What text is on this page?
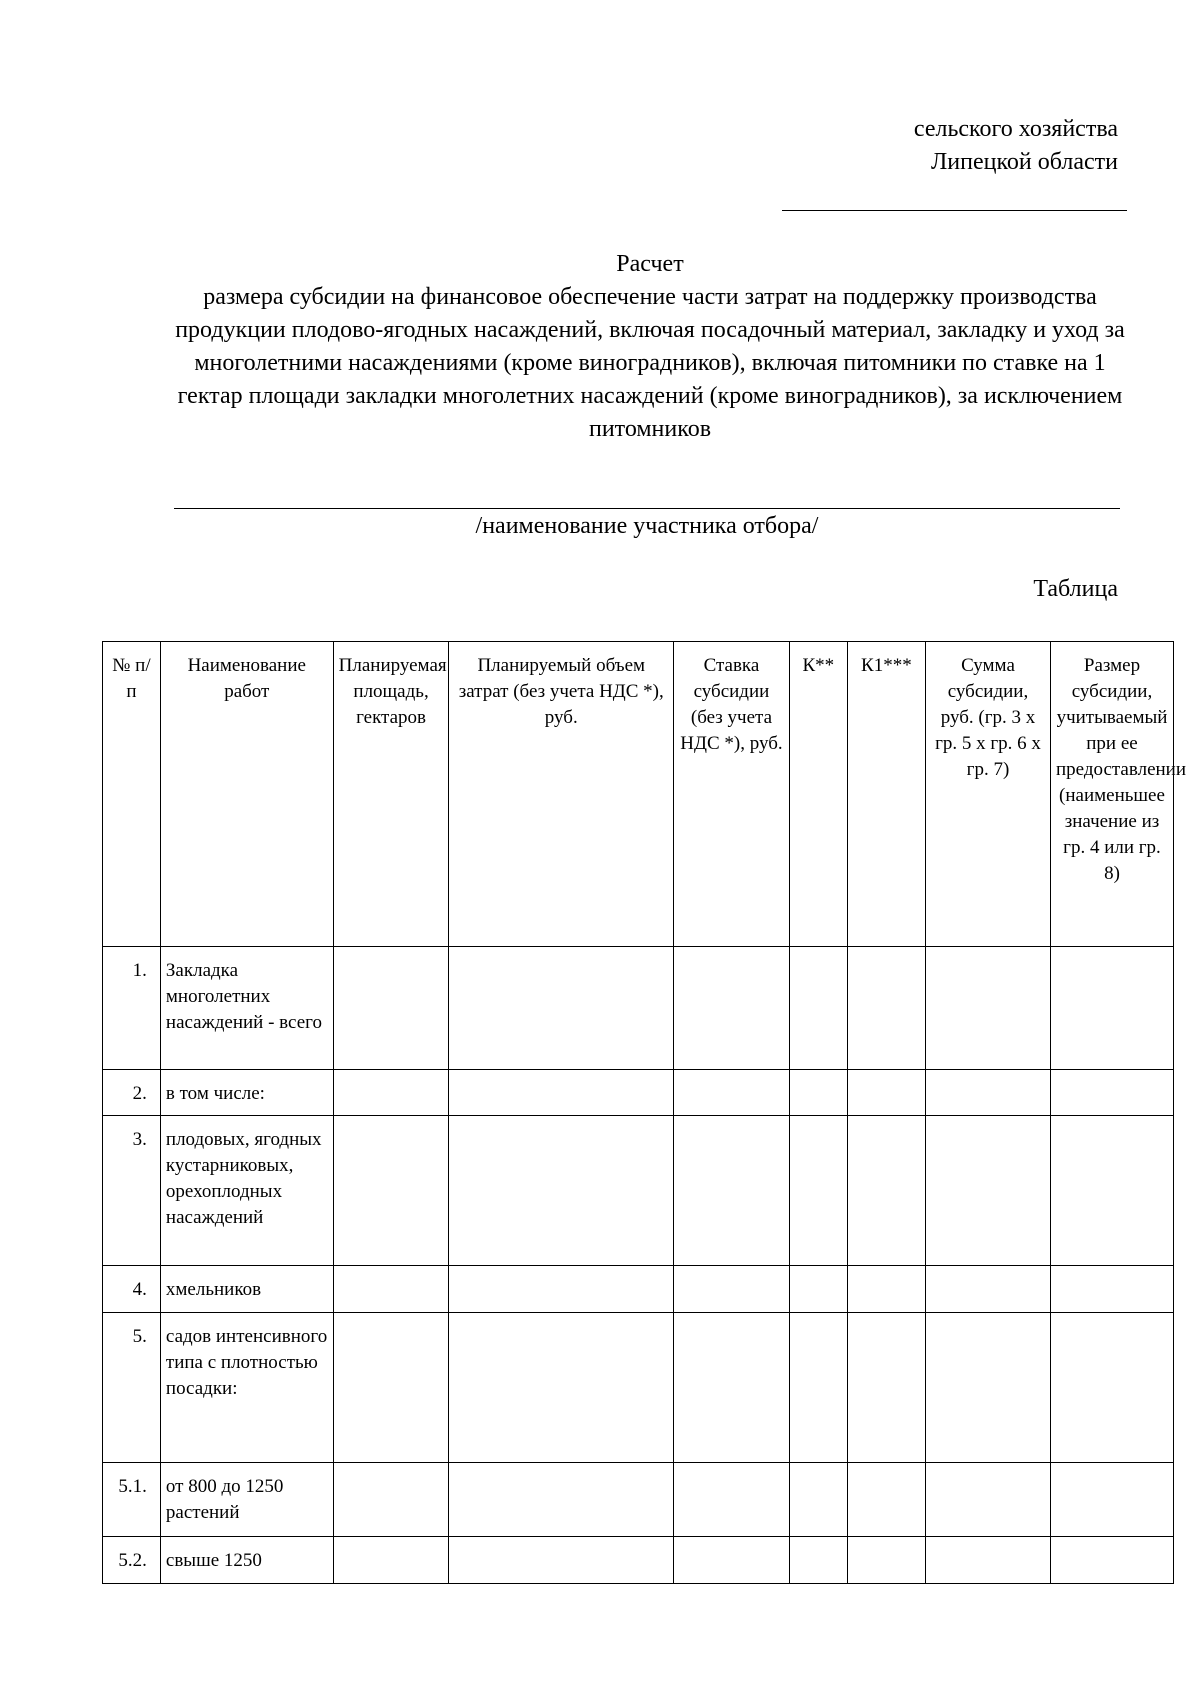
сельского хозяйства
Липецкой области
Расчет
размера субсидии на финансовое обеспечение части затрат на поддержку производства продукции плодово-ягодных насаждений, включая посадочный материал, закладку и уход за многолетними насаждениями (кроме виноградников), включая питомники по ставке на 1 гектар площади закладки многолетних насаждений (кроме виноградников), за исключением питомников
/наименование участника отбора/
Таблица
№ п/п	Наименование работ	Планируемая площадь, гектаров	Планируемый объем затрат (без учета НДС *), руб.	Ставка субсидии (без учета НДС *), руб.	К**	К1***	Сумма субсидии, руб. (гр. 3 x гр. 5 x гр. 6 x гр. 7)	Размер субсидии, учитываемый при ее предоставлении (наименьшее значение из гр. 4 или гр. 8)
1.	Закладка многолетних насаждений - всего							
2.	в том числе:							
3.	плодовых, ягодных кустарниковых, орехоплодных насаждений							
4.	хмельников							
5.	садов интенсивного типа с плотностью посадки:							
5.1.	от 800 до 1250 растений							
5.2.	свыше 1250							
